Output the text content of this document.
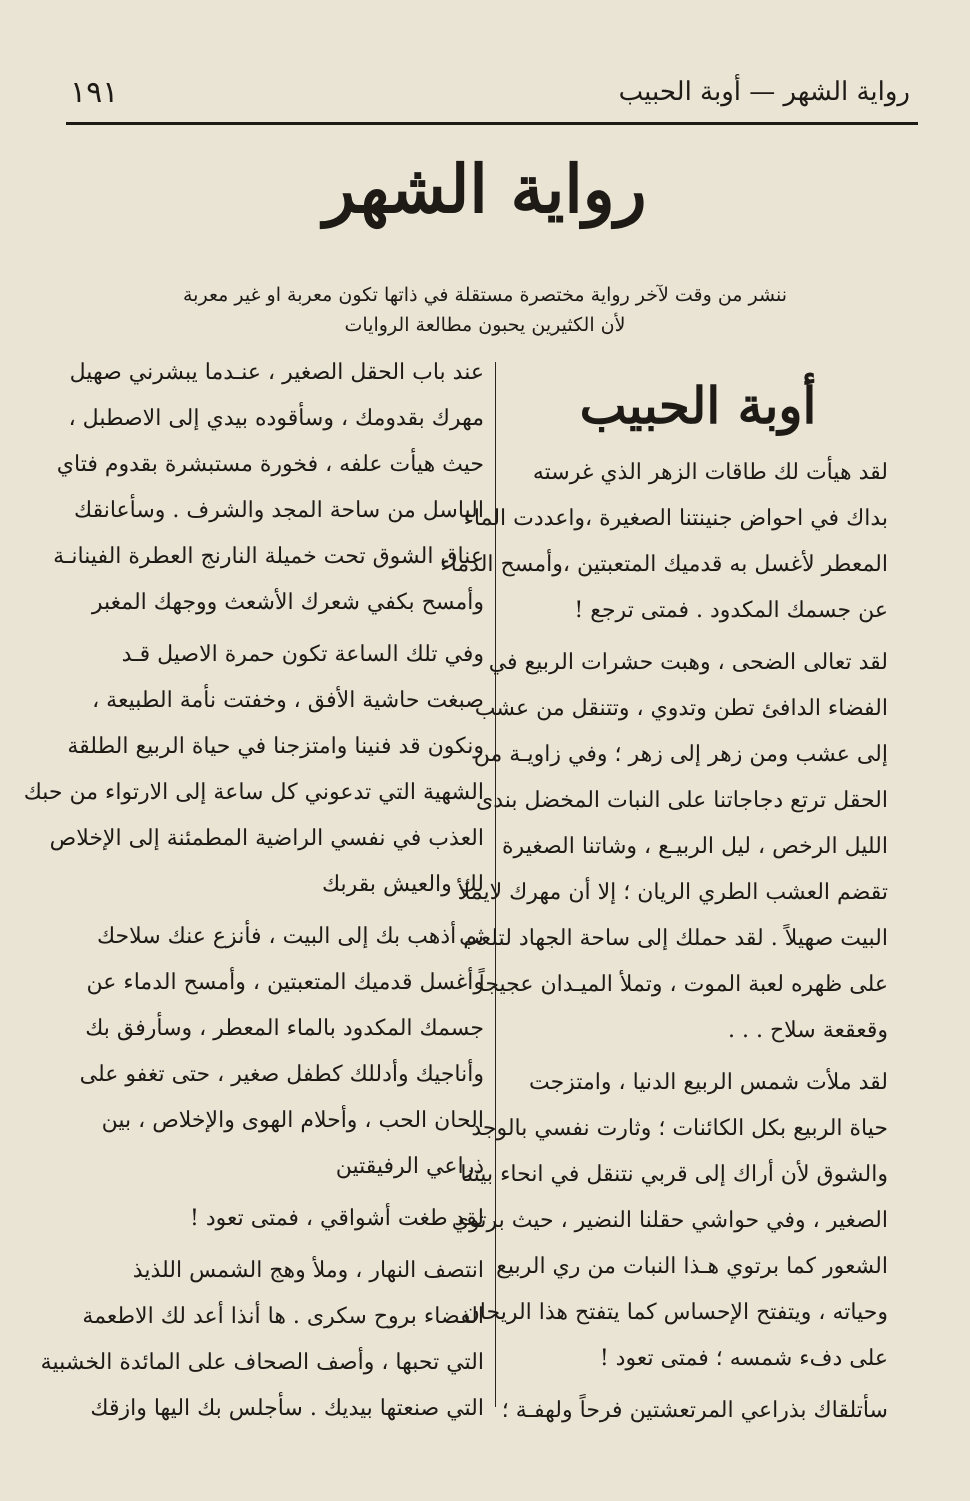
١٩١	رواية الشهر — أوبة الحبيب
رواية الشهر
ننشر من وقت لآخر رواية مختصرة مستقلة في ذاتها تكون معربة او غير معربة
لأن الكثيرين يحبون مطالعة الروايات
أوبة الحبيب
لقد هيأت لك طاقات الزهر الذي غرسته
بداك في احواض جنينتنا الصغيرة ،واعددت الماء
المعطر لأغسل به قدميك المتعبتين ،وأمسح الدماء
عن جسمك المكدود . فمتى ترجع !
لقد تعالى الضحى ، وهبت حشرات الربيع في
الفضاء الدافئ تطن وتدوي ، وتتنقل من عشب
إلى عشب ومن زهر إلى زهر ؛ وفي زاويـة من
الحقل ترتع دجاجاتنا على النبات المخضل بندى
الليل الرخص ، ليل الربيـع ، وشاتنا الصغيرة
تقضم العشب الطري الريان ؛ إلا أن مهرك لايملأ
البيت صهيلاً . لقد حملك إلى ساحة الجهاد لتلعب
على ظهره لعبة الموت ، وتملأ الميـدان عجيجاً
وقعقعة سلاح . . .
لقد ملأت شمس الربيع الدنيا ، وامتزجت
حياة الربيع بكل الكائنات ؛ وثارت نفسي بالوجد
والشوق لأن أراك إلى قربي نتنقل في انحاء بيتنا
الصغير ، وفي حواشي حقلنا النضير ، حيث برتوي
الشعور كما برتوي هـذا النبات من ري الربيع
وحياته ، ويتفتح الإحساس كما يتفتح هذا الريحان
على دفء شمسه ؛ فمتى تعود !
سأتلقاك بذراعي المرتعشتين فرحاً ولهفـة ؛
عند باب الحقل الصغير ، عنـدما يبشرني صهيل
مهرك بقدومك ، وسأقوده بيدي إلى الاصطبل ،
حيث هيأت علفه ، فخورة مستبشرة بقدوم فتاي
الباسل من ساحة المجد والشرف . وسأعانقك
عناق الشوق تحت خميلة النارنج العطرة الفينانـة
وأمسح بكفي شعرك الأشعث ووجهك المغبر
وفي تلك الساعة تكون حمرة الاصيل قـد
صبغت حاشية الأفق ، وخفتت نأمة الطبيعة ،
ونكون قد فنينا وامتزجنا في حياة الربيع الطلقة
الشهية التي تدعوني كل ساعة إلى الارتواء من حبك
العذب في نفسي الراضية المطمئنة إلى الإخلاص
لك والعيش بقربك
ثم أذهب بك إلى البيت ، فأنزع عنك سلاحك
وأغسل قدميك المتعبتين ، وأمسح الدماء عن
جسمك المكدود بالماء المعطر ، وسأرفق بك
وأناجيك وأدللك كطفل صغير ، حتى تغفو على
الحان الحب ، وأحلام الهوى والإخلاص ، بين
ذراعي الرفيقتين
لقد طغت أشواقي ، فمتى تعود !
انتصف النهار ، وملأ وهج الشمس اللذيذ
الفضاء بروح سكرى . ها أنذا أعد لك الاطعمة
التي تحبها ، وأصف الصحاف على المائدة الخشبية
التي صنعتها بيديك . سأجلس بك اليها وازقك
